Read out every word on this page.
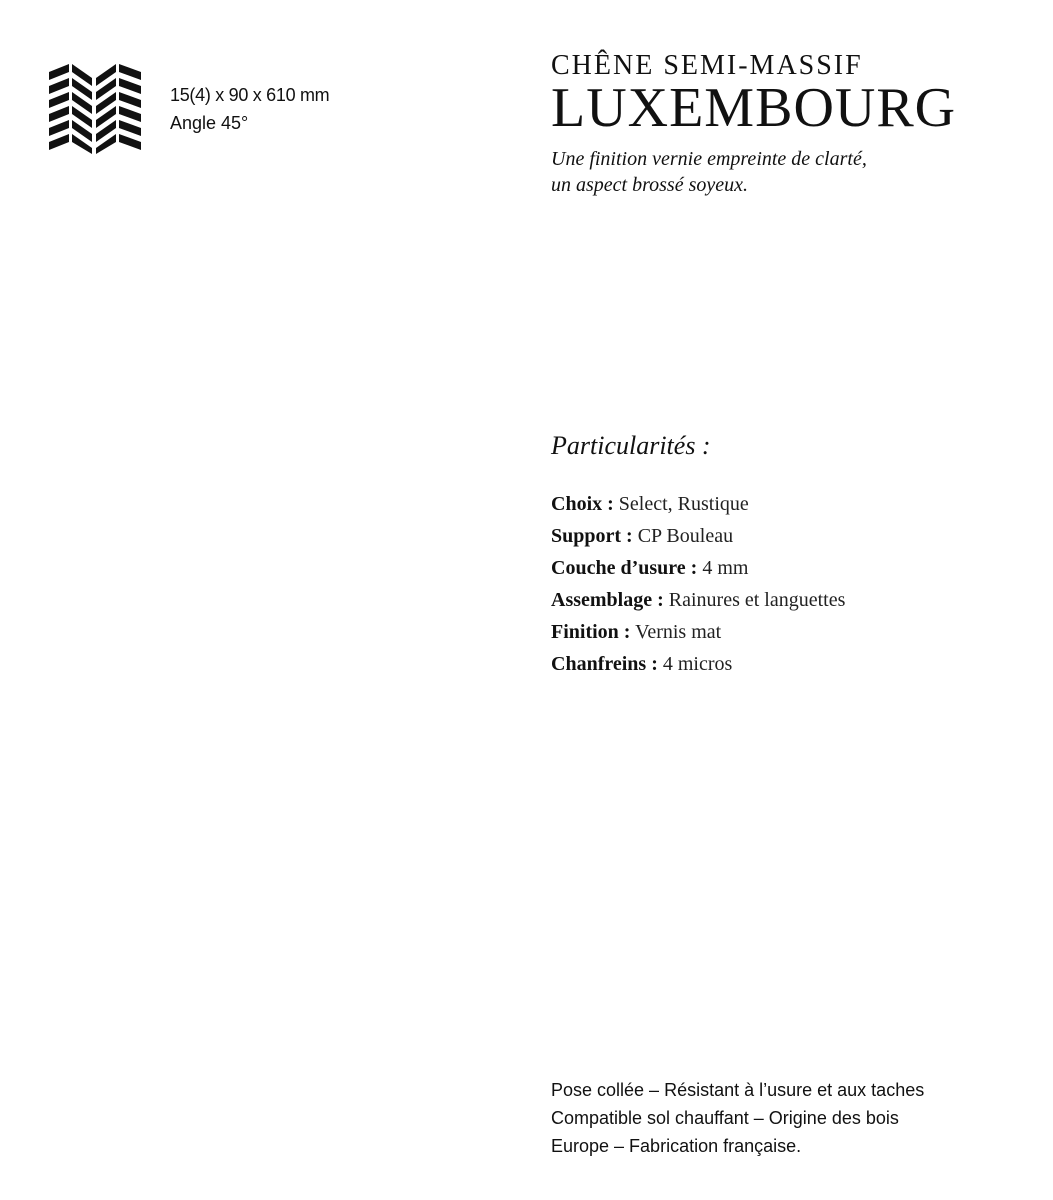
15(4) x 90 x 610 mm
Angle 45°
CHÊNE SEMI-MASSIF
LUXEMBOURG
Une finition vernie empreinte de clarté,
un aspect brossé soyeux.
Particularités :
Choix : Select, Rustique
Support : CP Bouleau
Couche d’usure : 4 mm
Assemblage : Rainures et languettes
Finition : Vernis mat
Chanfreins : 4 micros
Pose collée – Résistant à l’usure et aux taches
Compatible sol chauffant – Origine des bois
Europe – Fabrication française.
